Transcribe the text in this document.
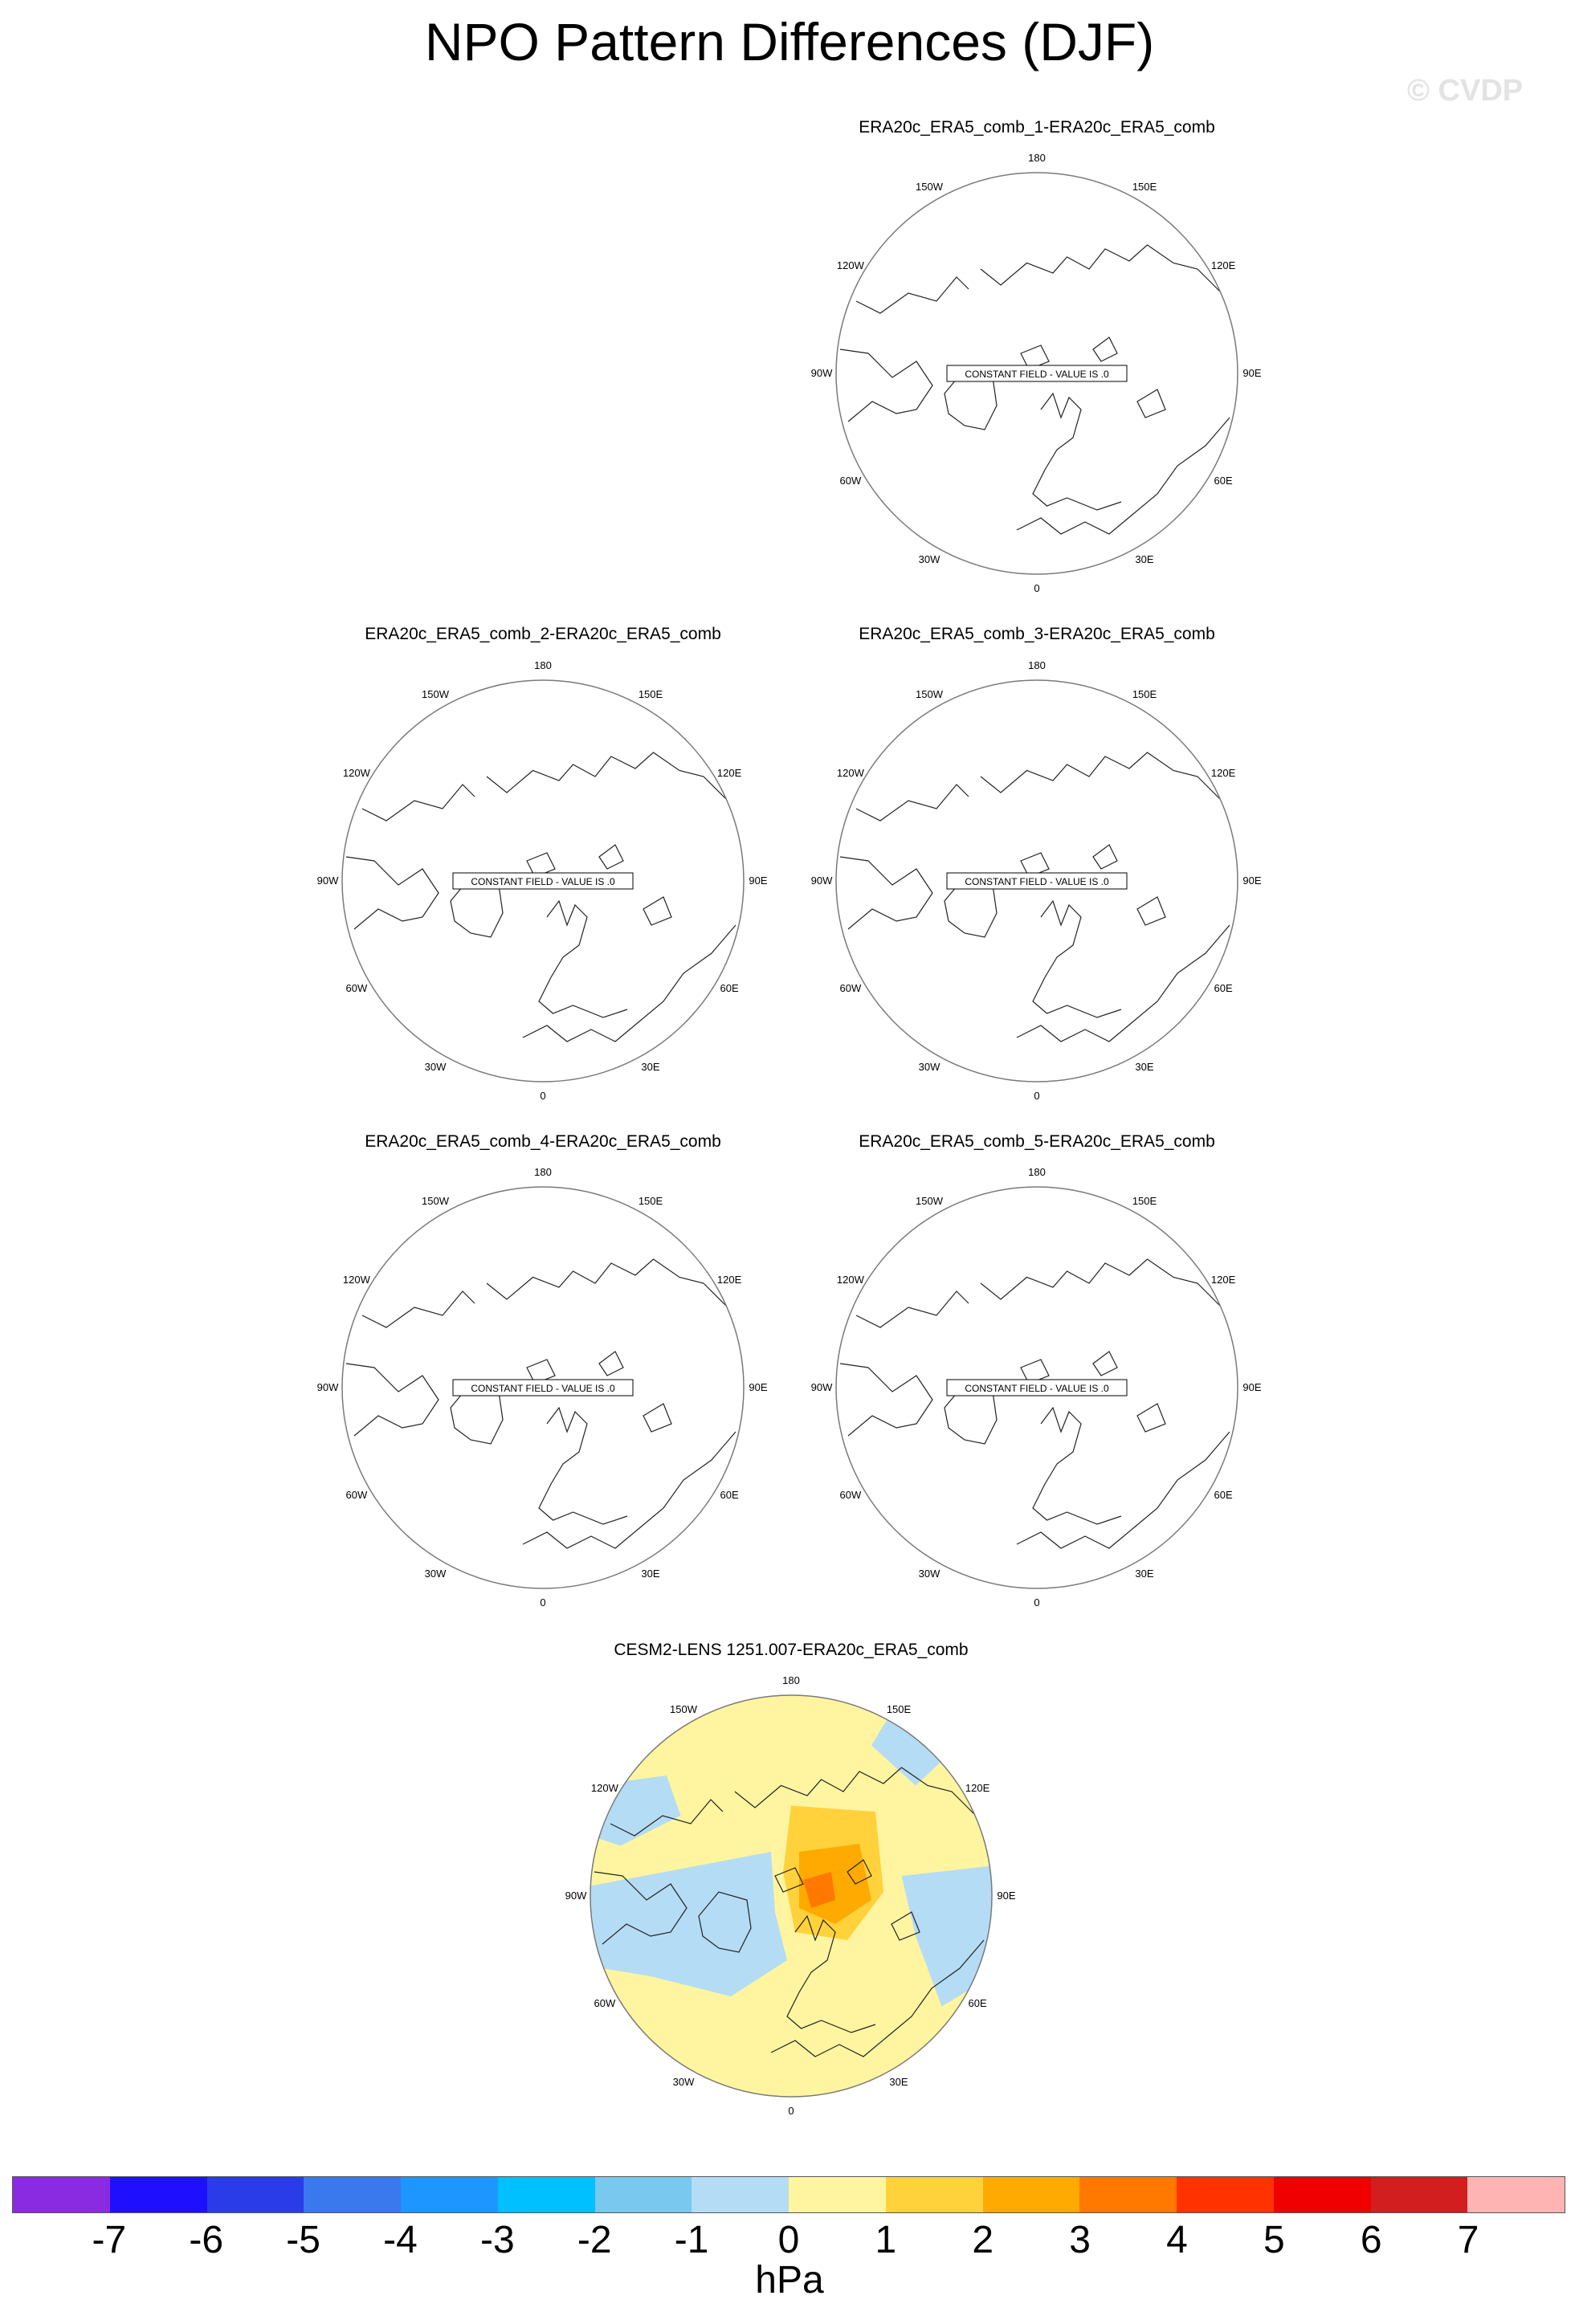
NPO Pattern Differences (DJF)
© CVDP
ERA20c_ERA5_comb_1-ERA20c_ERA5_comb
ERA20c_ERA5_comb_2-ERA20c_ERA5_comb	ERA20c_ERA5_comb_3-ERA20c_ERA5_comb
ERA20c_ERA5_comb_4-ERA20c_ERA5_comb	ERA20c_ERA5_comb_5-ERA20c_ERA5_comb
CESM2-LENS 1251.007-ERA20c_ERA5_comb
180
150E
120E
90E
60E
30E
0
30W
60W
90W
120W
150W
CONSTANT FIELD - VALUE IS .0
180
150E
120E
90E
60E
30E
0
30W
60W
90W
120W
150W
CONSTANT FIELD - VALUE IS .0
180
150E
120E
90E
60E
30E
0
30W
60W
90W
120W
150W
CONSTANT FIELD - VALUE IS .0
180
150E
120E
90E
60E
30E
0
30W
60W
90W
120W
150W
CONSTANT FIELD - VALUE IS .0
180
150E
120E
90E
60E
30E
0
30W
60W
90W
120W
150W
CONSTANT FIELD - VALUE IS .0
180
150E
120E
90E
60E
30E
0
30W
60W
90W
120W
150W
-7 -6 -5 -4 -3 -2 -1 0 1 2 3 4 5 6 7
hPa
